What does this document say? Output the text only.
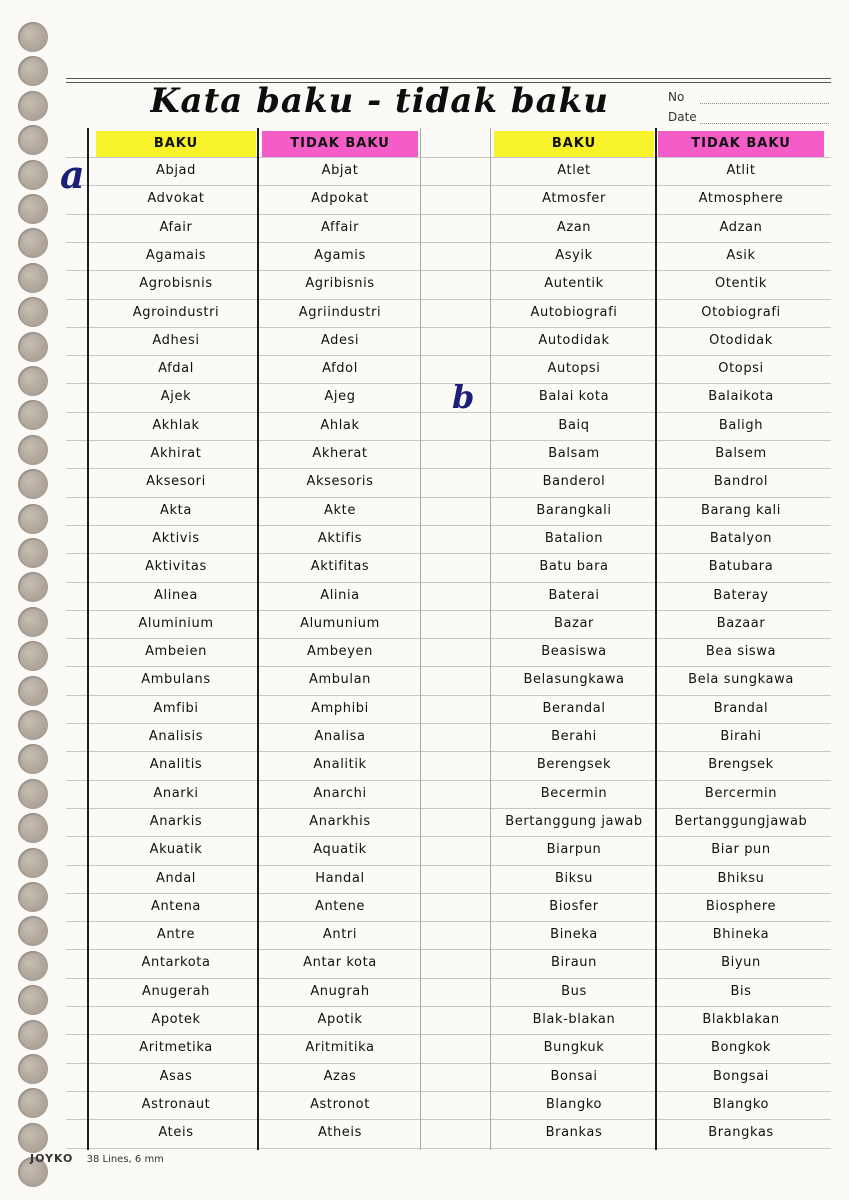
Kata baku - tidak baku	No
Date
BAKU	TIDAK BAKU	BAKU	TIDAK BAKU
a
b
Abjad	Abjat
Advokat	Adpokat
Afair	Affair
Agamais	Agamis
Agrobisnis	Agribisnis
Agroindustri	Agriindustri
Adhesi	Adesi
Afdal	Afdol
Ajek	Ajeg
Akhlak	Ahlak
Akhirat	Akherat
Aksesori	Aksesoris
Akta	Akte
Aktivis	Aktifis
Aktivitas	Aktifitas
Alinea	Alinia
Aluminium	Alumunium
Ambeien	Ambeyen
Ambulans	Ambulan
Amfibi	Amphibi
Analisis	Analisa
Analitis	Analitik
Anarki	Anarchi
Anarkis	Anarkhis
Akuatik	Aquatik
Andal	Handal
Antena	Antene
Antre	Antri
Antarkota	Antar kota
Anugerah	Anugrah
Apotek	Apotik
Aritmetika	Aritmitika
Asas	Azas
Astronaut	Astronot
Ateis	Atheis
Atlet	Atlit
Atmosfer	Atmosphere
Azan	Adzan
Asyik	Asik
Autentik	Otentik
Autobiografi	Otobiografi
Autodidak	Otodidak
Autopsi	Otopsi
Balai kota	Balaikota
Baiq	Baligh
Balsam	Balsem
Banderol	Bandrol
Barangkali	Barang kali
Batalion	Batalyon
Batu bara	Batubara
Baterai	Bateray
Bazar	Bazaar
Beasiswa	Bea siswa
Belasungkawa	Bela sungkawa
Berandal	Brandal
Berahi	Birahi
Berengsek	Brengsek
Becermin	Bercermin
Bertanggung jawab	Bertanggungjawab
Biarpun	Biar pun
Biksu	Bhiksu
Biosfer	Biosphere
Bineka	Bhineka
Biraun	Biyun
Bus	Bis
Blak-blakan	Blakblakan
Bungkuk	Bongkok
Bonsai	Bongsai
Blangko	Blangko
Brankas	Brangkas
JOYKO 38 Lines, 6 mm
